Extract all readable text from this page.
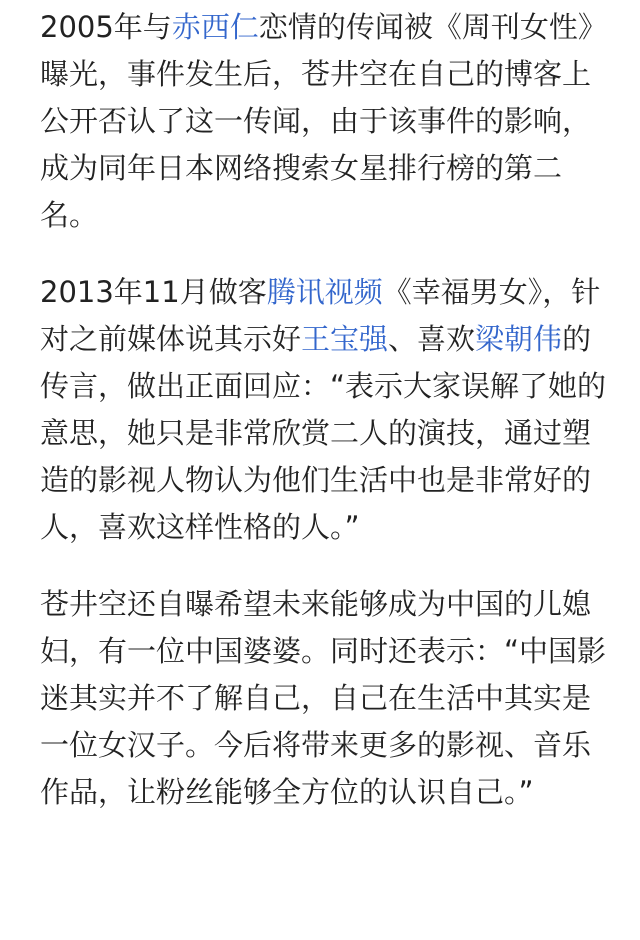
2005年与赤西仁恋情的传闻被《周刊女性》曝光，事件发生后，苍井空在自己的博客上公开否认了这一传闻，由于该事件的影响，成为同年日本网络搜索女星排行榜的第二名。

2013年11月做客腾讯视频《幸福男女》，针对之前媒体说其示好王宝强、喜欢梁朝伟的传言，做出正面回应：“表示大家误解了她的意思，她只是非常欣赏二人的演技，通过塑造的影视人物认为他们生活中也是非常好的人，喜欢这样性格的人。”

苍井空还自曝希望未来能够成为中国的儿媳妇，有一位中国婆婆。同时还表示：“中国影迷其实并不了解自己，自己在生活中其实是一位女汉子。今后将带来更多的影视、音乐作品，让粉丝能够全方位的认识自己。”
